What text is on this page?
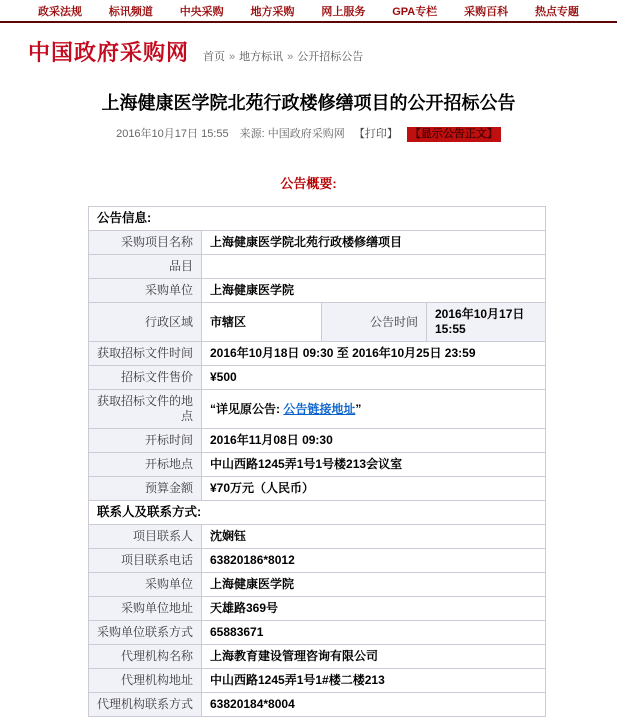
政采法规 标讯频道 中央采购 地方采购 网上服务 GPA专栏 采购百科 热点专题
中国政府采购网 首页 » 地方标讯 » 公开招标公告
上海健康医学院北苑行政楼修缮项目的公开招标公告
2016年10月17日 15:55 来源: 中国政府采购网 【打印】 【显示公告正文】
公告概要:
公告信息:			
采购项目名称	上海健康医学院北苑行政楼修缮项目		
品目			
采购单位	上海健康医学院		
行政区域	市辖区	公告时间	2016年10月17日 15:55
获取招标文件时间	2016年10月18日 09:30 至 2016年10月25日 23:59		
招标文件售价	¥500		
获取招标文件的地点	“详见原公告: 公告链接地址”		
开标时间	2016年11月08日 09:30		
开标地点	中山西路1245弄1号1号楼213会议室		
预算金额	¥70万元（人民币）		
联系人及联系方式:			
项目联系人	沈娴钰		
项目联系电话	63820186*8012		
采购单位	上海健康医学院		
采购单位地址	天雄路369号		
采购单位联系方式	65883671		
代理机构名称	上海教育建设管理咨询有限公司		
代理机构地址	中山西路1245弄1号1#楼二楼213		
代理机构联系方式	63820184*8004		
